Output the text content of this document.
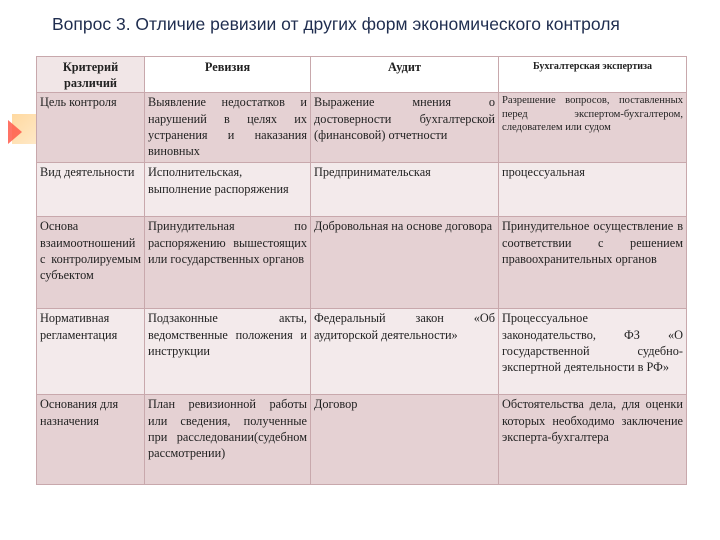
Вопрос 3. Отличие ревизии от других форм экономического контроля
Критерий различий	Ревизия	Аудит	Бухгалтерская экспертиза
Цель контроля	Выявление недостатков и нарушений в целях их устранения и наказания виновных	Выражение мнения о достоверности бухгалтерской (финансовой) отчетности	Разрешение вопросов, поставленных перед экспертом-бухгалтером, следователем или судом
Вид деятельности	Исполнительская, выполнение распоряжения	Предпринимательская	процессуальная
Основа взаимоотношений с контролируемым субъектом	Принудительная по распоряжению вышестоящих или государственных органов	Добровольная на основе договора	Принудительное осуществление в соответствии с решением правоохранительных органов
Нормативная регламентация	Подзаконные акты, ведомственные положения и инструкции	Федеральный закон «Об аудиторской деятельности»	Процессуальное законодательство, ФЗ «О государственной судебно-экспертной деятельности в РФ»
Основания для назначения	План ревизионной работы или сведения, полученные при расследовании(судебном рассмотрении)	Договор	Обстоятельства дела, для оценки которых необходимо заключение эксперта-бухгалтера
